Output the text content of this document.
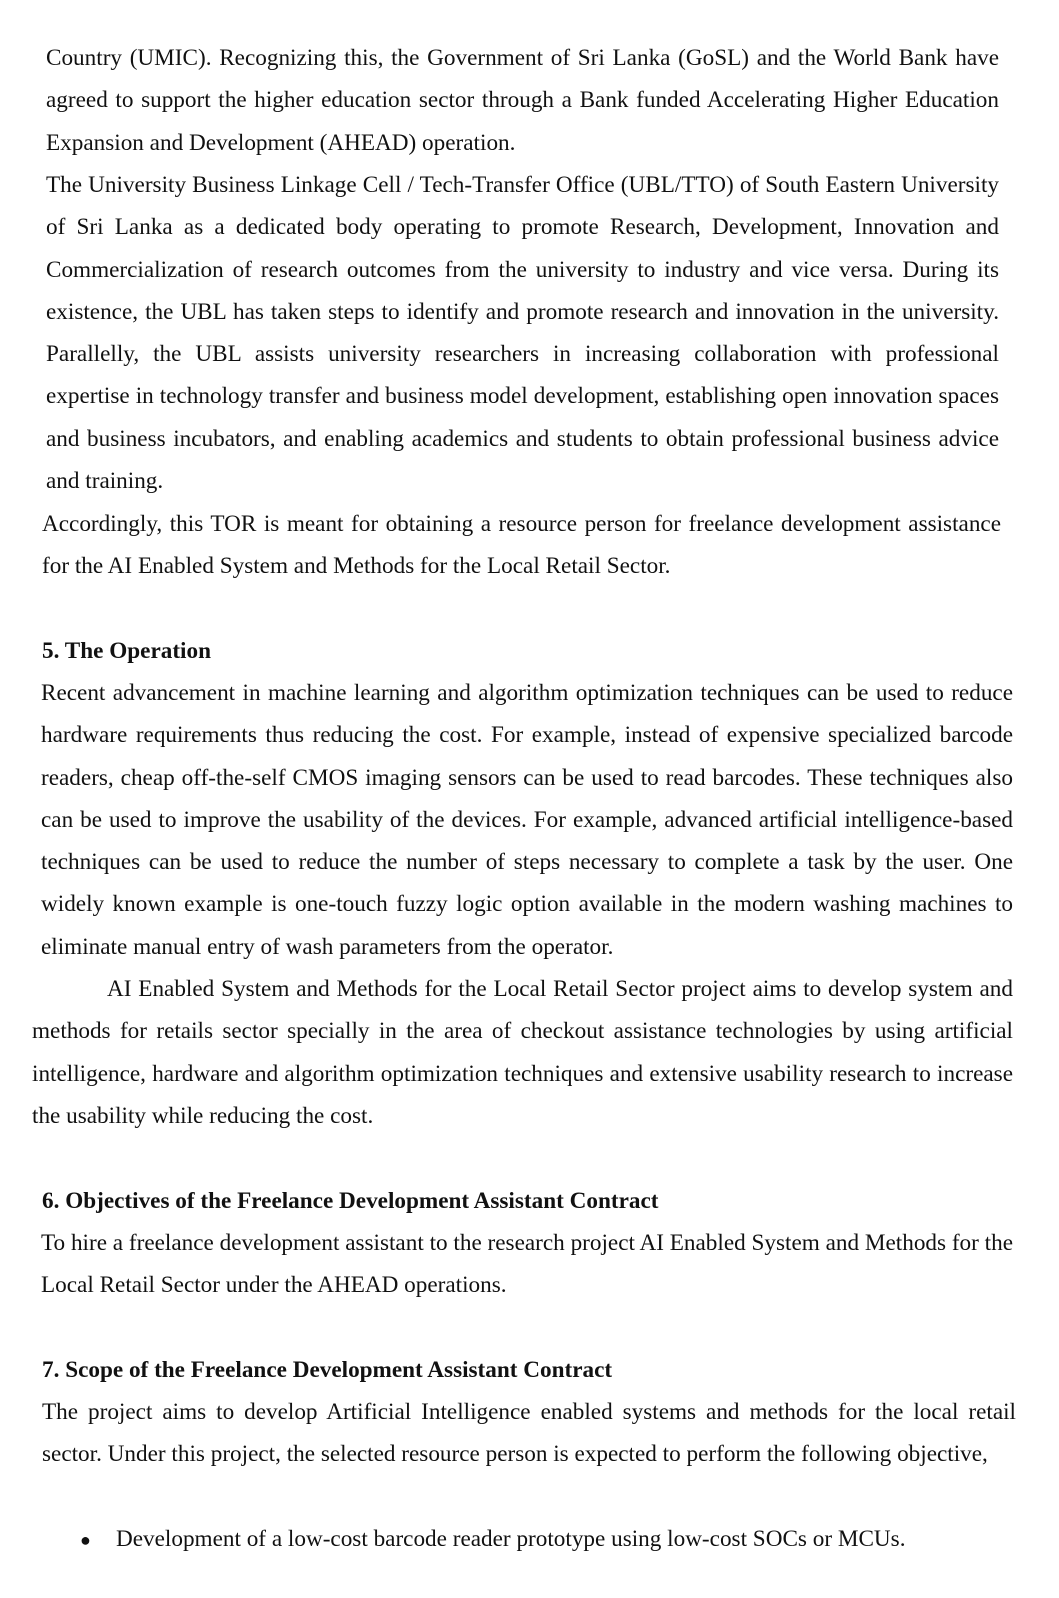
Country (UMIC). Recognizing this, the Government of Sri Lanka (GoSL) and the World Bank have agreed to support the higher education sector through a Bank funded Accelerating Higher Education Expansion and Development (AHEAD) operation.

The University Business Linkage Cell / Tech-Transfer Office (UBL/TTO) of South Eastern University of Sri Lanka as a dedicated body operating to promote Research, Development, Innovation and Commercialization of research outcomes from the university to industry and vice versa. During its existence, the UBL has taken steps to identify and promote research and innovation in the university. Parallelly, the UBL assists university researchers in increasing collaboration with professional expertise in technology transfer and business model development, establishing open innovation spaces and business incubators, and enabling academics and students to obtain professional business advice and training.

Accordingly, this TOR is meant for obtaining a resource person for freelance development assistance for the AI Enabled System and Methods for the Local Retail Sector.

5. The Operation

Recent advancement in machine learning and algorithm optimization techniques can be used to reduce hardware requirements thus reducing the cost. For example, instead of expensive specialized barcode readers, cheap off-the-self CMOS imaging sensors can be used to read barcodes. These techniques also can be used to improve the usability of the devices. For example, advanced artificial intelligence-based techniques can be used to reduce the number of steps necessary to complete a task by the user. One widely known example is one-touch fuzzy logic option available in the modern washing machines to eliminate manual entry of wash parameters from the operator.

AI Enabled System and Methods for the Local Retail Sector project aims to develop system and methods for retails sector specially in the area of checkout assistance technologies by using artificial intelligence, hardware and algorithm optimization techniques and extensive usability research to increase the usability while reducing the cost.

6. Objectives of the Freelance Development Assistant Contract

To hire a freelance development assistant to the research project AI Enabled System and Methods for the Local Retail Sector under the AHEAD operations.

7. Scope of the Freelance Development Assistant Contract

The project aims to develop Artificial Intelligence enabled systems and methods for the local retail sector. Under this project, the selected resource person is expected to perform the following objective,

●	Development of a low-cost barcode reader prototype using low-cost SOCs or MCUs.
